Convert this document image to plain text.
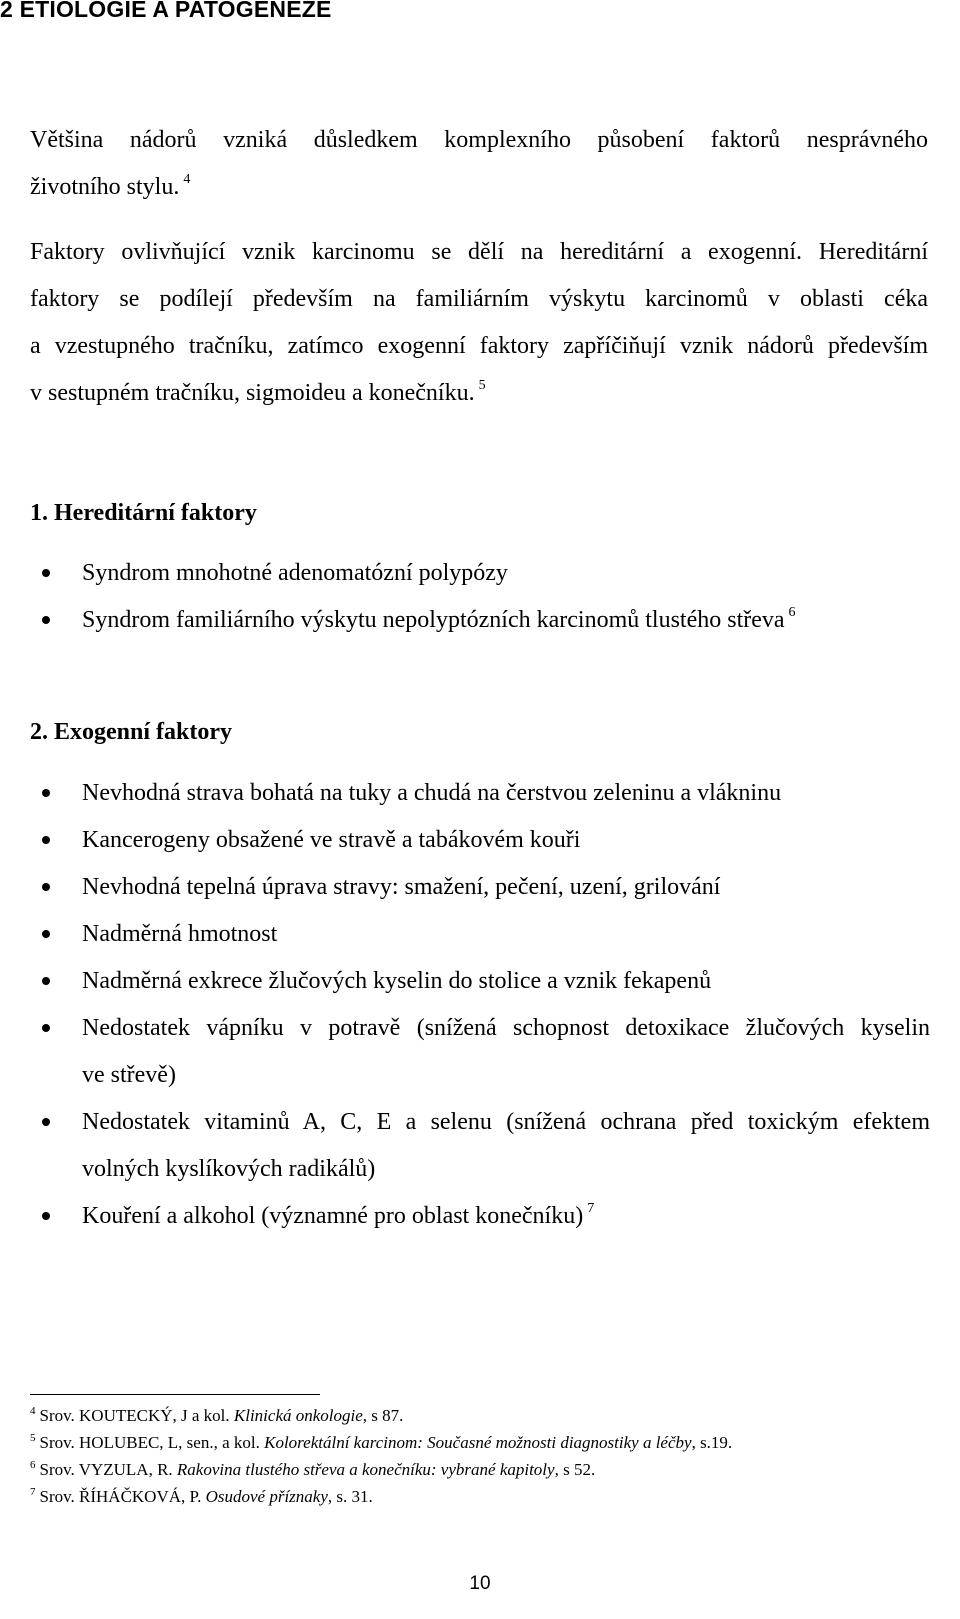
2 ETIOLOGIE A PATOGENEZE
Většina nádorů vzniká důsledkem komplexního působení faktorů nesprávného
životního stylu. $^4$
Faktory ovlivňující vznik karcinomu se dělí na hereditární a exogenní. Hereditární
faktory se podílejí především na familiárním výskytu karcinomů v oblasti céka
a vzestupného tračníku, zatímco exogenní faktory zapříčiňují vznik nádorů především
v sestupném tračníku, sigmoideu a konečníku. $^5$
1. Hereditární faktory
Syndrom mnohotné adenomatózní polypózy
Syndrom familiárního výskytu nepolyptózních karcinomů tlustého střeva $^6$
2. Exogenní faktory
Nevhodná strava bohatá na tuky a chudá na čerstvou zeleninu a vlákninu
Kancerogeny obsažené ve stravě a tabákovém kouři
Nevhodná tepelná úprava stravy: smažení, pečení, uzení, grilování
Nadměrná hmotnost
Nadměrná exkrece žlučových kyselin do stolice a vznik fekapenů
Nedostatek vápníku v potravě (snížená schopnost detoxikace žlučových kyselin
ve střevě)
Nedostatek vitaminů A, C, E a selenu (snížená ochrana před toxickým efektem
volných kyslíkových radikálů)
Kouření a alkohol (významné pro oblast konečníku) $^7$
$^4$ Srov. KOUTECKÝ, J a kol. Klinická onkologie, s 87.
$^5$ Srov. HOLUBEC, L, sen., a kol. Kolorektální karcinom: Současné možnosti diagnostiky a léčby, s.19.
$^6$ Srov. VYZULA, R. Rakovina tlustého střeva a konečníku: vybrané kapitoly, s 52.
$^7$ Srov. ŘÍHÁČKOVÁ, P. Osudové příznaky, s. 31.
10
